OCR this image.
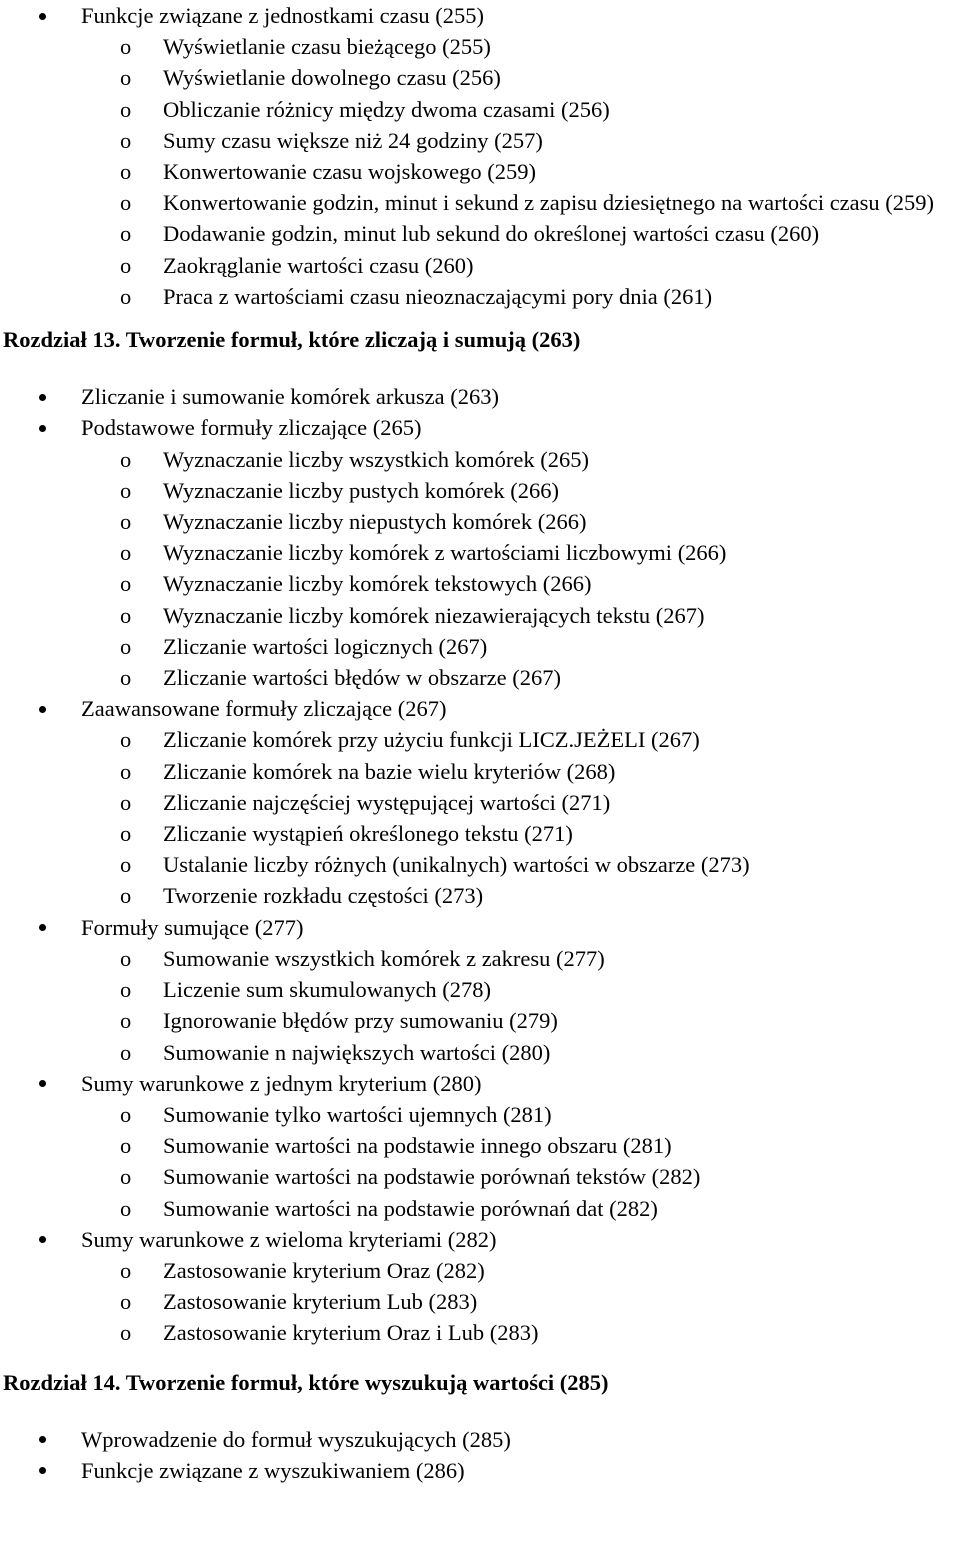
Funkcje związane z jednostkami czasu (255)
o Wyświetlanie czasu bieżącego (255)
o Wyświetlanie dowolnego czasu (256)
o Obliczanie różnicy między dwoma czasami (256)
o Sumy czasu większe niż 24 godziny (257)
o Konwertowanie czasu wojskowego (259)
o Konwertowanie godzin, minut i sekund z zapisu dziesiętnego na wartości czasu (259)
o Dodawanie godzin, minut lub sekund do określonej wartości czasu (260)
o Zaokrąglanie wartości czasu (260)
o Praca z wartościami czasu nieoznaczającymi pory dnia (261)
Rozdział 13. Tworzenie formuł, które zliczają i sumują (263)
Zliczanie i sumowanie komórek arkusza (263)
Podstawowe formuły zliczające (265)
o Wyznaczanie liczby wszystkich komórek (265)
o Wyznaczanie liczby pustych komórek (266)
o Wyznaczanie liczby niepustych komórek (266)
o Wyznaczanie liczby komórek z wartościami liczbowymi (266)
o Wyznaczanie liczby komórek tekstowych (266)
o Wyznaczanie liczby komórek niezawierających tekstu (267)
o Zliczanie wartości logicznych (267)
o Zliczanie wartości błędów w obszarze (267)
Zaawansowane formuły zliczające (267)
o Zliczanie komórek przy użyciu funkcji LICZ.JEŻELI (267)
o Zliczanie komórek na bazie wielu kryteriów (268)
o Zliczanie najczęściej występującej wartości (271)
o Zliczanie wystąpień określonego tekstu (271)
o Ustalanie liczby różnych (unikalnych) wartości w obszarze (273)
o Tworzenie rozkładu częstości (273)
Formuły sumujące (277)
o Sumowanie wszystkich komórek z zakresu (277)
o Liczenie sum skumulowanych (278)
o Ignorowanie błędów przy sumowaniu (279)
o Sumowanie n największych wartości (280)
Sumy warunkowe z jednym kryterium (280)
o Sumowanie tylko wartości ujemnych (281)
o Sumowanie wartości na podstawie innego obszaru (281)
o Sumowanie wartości na podstawie porównań tekstów (282)
o Sumowanie wartości na podstawie porównań dat (282)
Sumy warunkowe z wieloma kryteriami (282)
o Zastosowanie kryterium Oraz (282)
o Zastosowanie kryterium Lub (283)
o Zastosowanie kryterium Oraz i Lub (283)
Rozdział 14. Tworzenie formuł, które wyszukują wartości (285)
Wprowadzenie do formuł wyszukujących (285)
Funkcje związane z wyszukiwaniem (286)
